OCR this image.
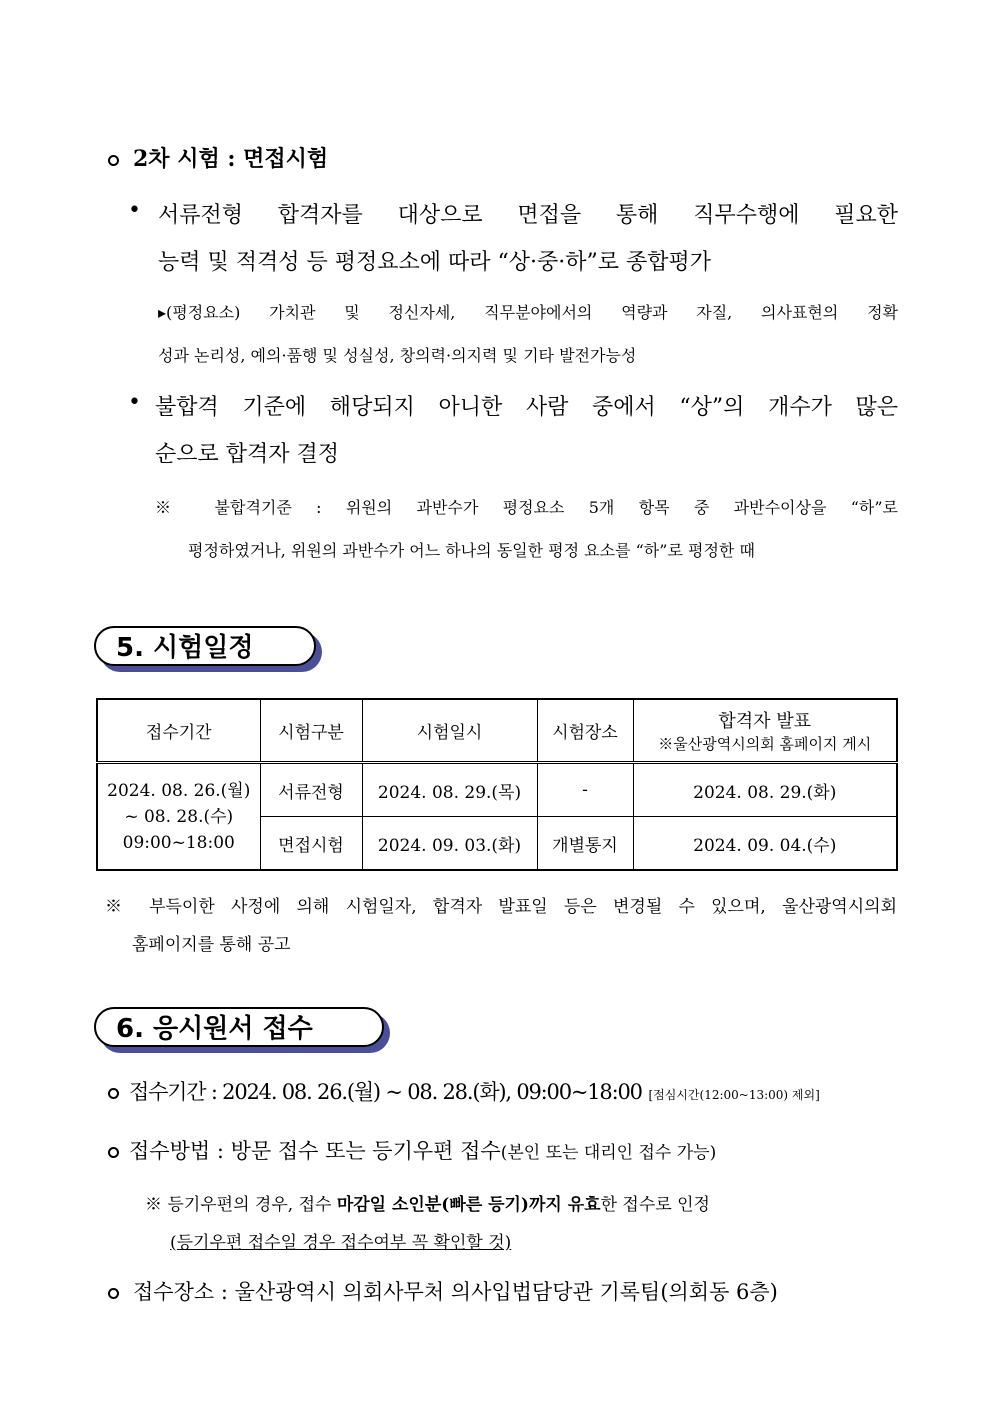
2차 시험 : 면접시험
• 서류전형 합격자를 대상으로 면접을 통해 직무수행에 필요한
능력 및 적격성 등 평정요소에 따라 “상·중·하”로 종합평가
▸(평정요소) 가치관 및 정신자세, 직무분야에서의 역량과 자질, 의사표현의 정확
성과 논리성, 예의·품행 및 성실성, 창의력·의지력 및 기타 발전가능성
• 불합격 기준에 해당되지 아니한 사람 중에서 “상”의 개수가 많은
순으로 합격자 결정
※ 불합격기준 : 위원의 과반수가 평정요소 5개 항목 중 과반수이상을 “하”로
평정하였거나, 위원의 과반수가 어느 하나의 동일한 평정 요소를 “하”로 평정한 때
5. 시험일정
접수기간	시험구분	시험일시	시험장소	합격자 발표
※울산광역시의회 홈페이지 게시

2024. 08. 26.(월)
~ 08. 28.(수)
09:00~18:00	서류전형	2024. 08. 29.(목)	-	2024. 08. 29.(화)
	면접시험	2024. 09. 03.(화)	개별통지	2024. 09. 04.(수)
※ 부득이한 사정에 의해 시험일자, 합격자 발표일 등은 변경될 수 있으며, 울산광역시의회
홈페이지를 통해 공고
6. 응시원서 접수
접수기간 : 2024. 08. 26.(월) ~ 08. 28.(화), 09:00~18:00 [점심시간(12:00~13:00) 제외]
접수방법 : 방문 접수 또는 등기우편 접수(본인 또는 대리인 접수 가능)
※ 등기우편의 경우, 접수 마감일 소인분(빠른 등기)까지 유효한 접수로 인정
(등기우편 접수일 경우 접수여부 꼭 확인할 것)
접수장소 : 울산광역시 의회사무처 의사입법담당관 기록팀(의회동 6층)
